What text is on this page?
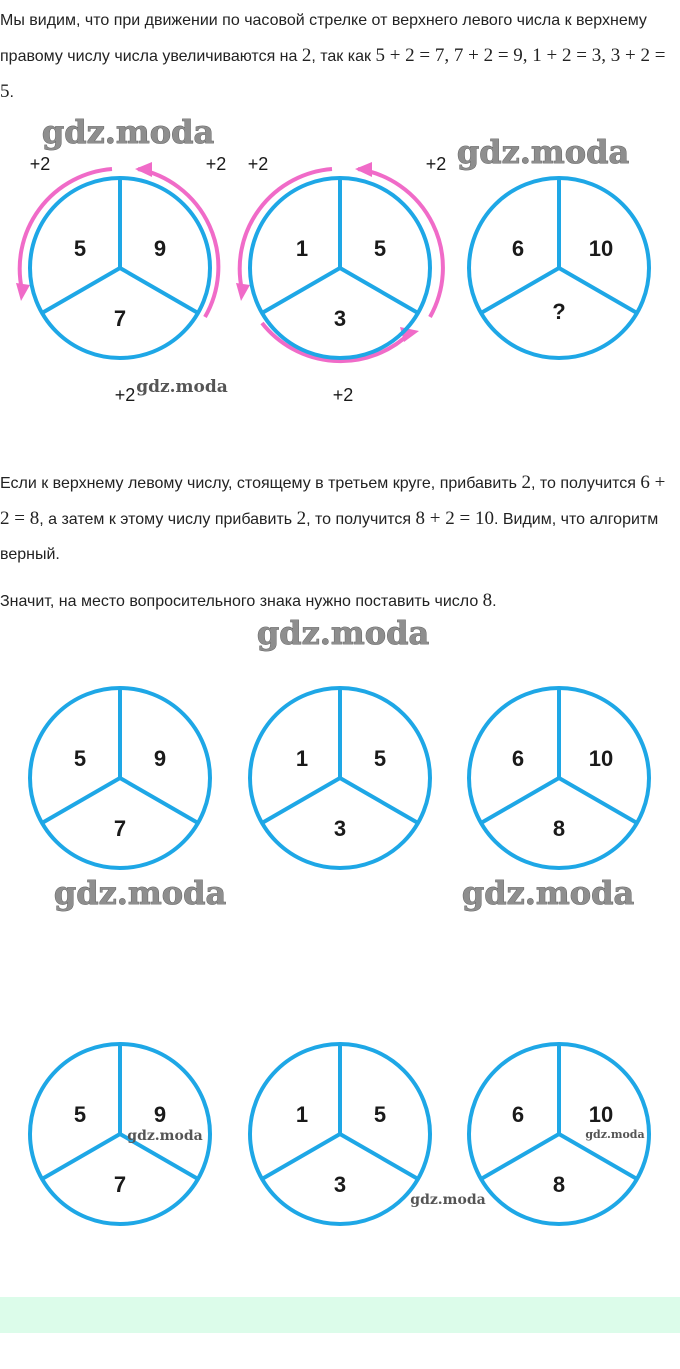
Мы видим, что при движении по часовой стрелке от верхнего левого числа к верхнему правому числу числа увеличиваются на 2, так как 5 + 2 = 7, 7 + 2 = 9, 1 + 2 = 3, 3 + 2 = 5.

gdz.moda
gdz.moda
+2	+2 +2	+2
+2	+2
gdz.moda
5	9
7
1	5
3
6	10
?

Если к верхнему левому числу, стоящему в третьем круге, прибавить 2, то получится 6 + 2 = 8, а затем к этому числу прибавить 2, то получится 8 + 2 = 10. Видим, что алгоритм верный.

Значит, на место вопросительного знака нужно поставить число 8.

gdz.moda
5	9
7
1	5
3
6	10
8
gdz.moda	gdz.moda
5	9
7
1	5
3
6	10
8
gdz.moda
gdz.moda
gdz.moda
